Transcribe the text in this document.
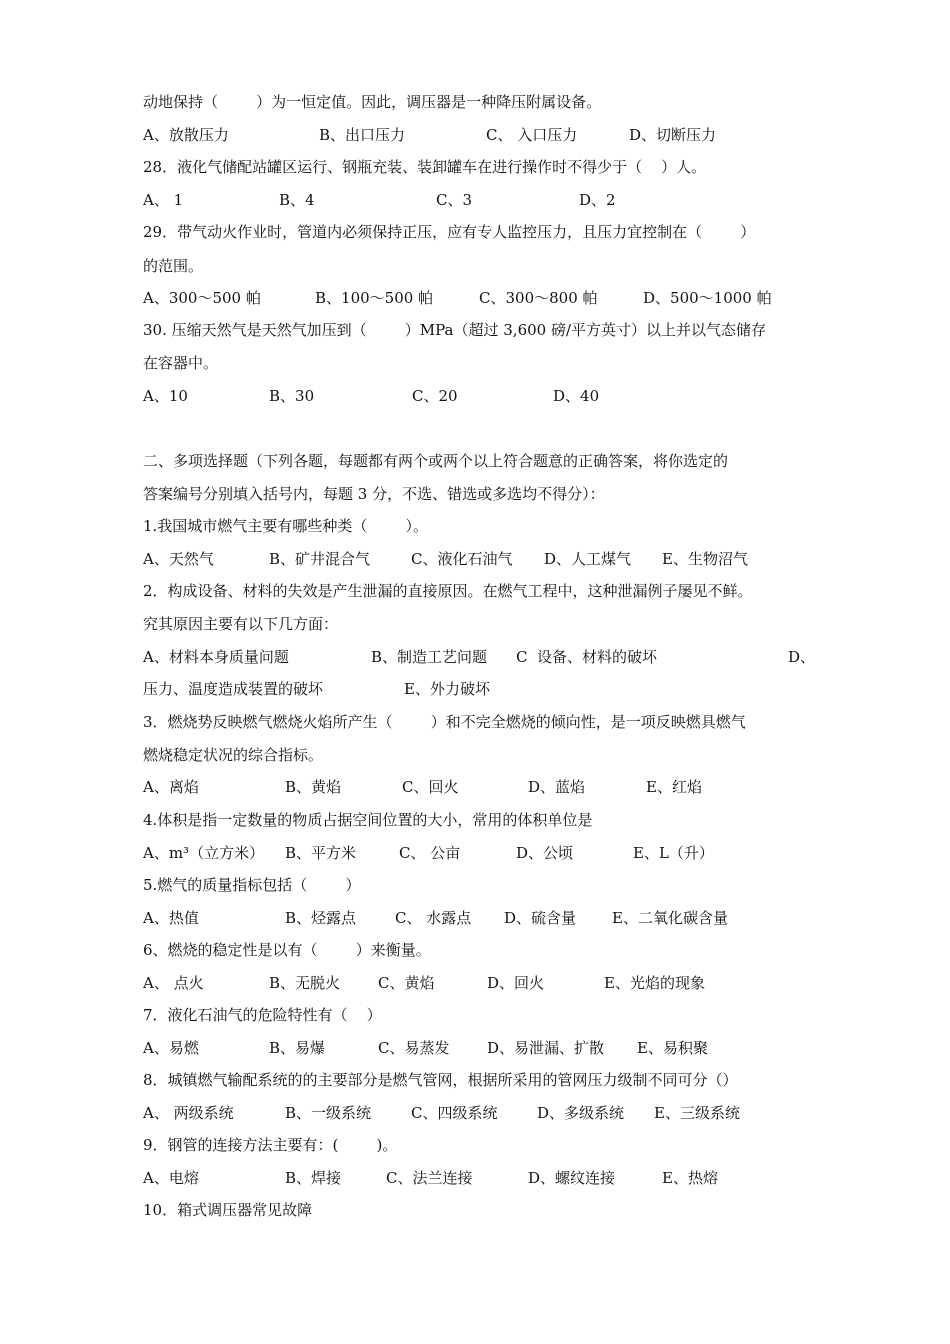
动地保持（        ）为一恒定值。因此，调压器是一种降压附属设备。
A、放散压力	B、出口压力	C、 入口压力	D、切断压力
28．液化气储配站罐区运行、钢瓶充装、装卸罐车在进行操作时不得少于（    ）人。
A、 1	B、4	C、3	D、2
29．带气动火作业时，管道内必须保持正压，应有专人监控压力，且压力宜控制在（        ）
的范围。
A、300～500 帕	B、100～500 帕	C、300～800 帕	D、500～1000 帕
30. 压缩天然气是天然气加压到（        ）MPa（超过 3,600 磅/平方英寸）以上并以气态储存
在容器中。
A、10	B、30	C、20	D、40
二、多项选择题（下列各题，每题都有两个或两个以上符合题意的正确答案，将你选定的
答案编号分别填入括号内，每题 3 分，不选、错选或多选均不得分）：
1.我国城市燃气主要有哪些种类（        ）。
A、天然气	B、矿井混合气	C、液化石油气 D、人工煤气 E、生物沼气
2．构成设备、材料的失效是产生泄漏的直接原因。在燃气工程中，这种泄漏例子屡见不鲜。
究其原因主要有以下几方面：
A、材料本身质量问题	B、制造工艺问题 C  设备、材料的破坏	D、
压力、温度造成装置的破坏	E、外力破坏
3．燃烧势反映燃气燃烧火焰所产生（        ）和不完全燃烧的倾向性，是一项反映燃具燃气
燃烧稳定状况的综合指标。
A、离焰	B、黄焰	C、回火	D、蓝焰	E、红焰
4.体积是指一定数量的物质占据空间位置的大小，常用的体积单位是
A、m³（立方米） B、平方米	C、 公亩	D、公顷	E、L（升）
5.燃气的质量指标包括（        ）
A、热值	B、烃露点	C、 水露点 D、硫含量 E、二氧化碳含量
6、燃烧的稳定性是以有（        ）来衡量。
A、 点火	B、无脱火	C、黄焰	D、回火	E、光焰的现象
7．液化石油气的危险特性有（    ）
A、易燃	B、易爆	C、易蒸发	D、易泄漏、扩散 E、易积聚
8．城镇燃气输配系统的的主要部分是燃气管网，根据所采用的管网压力级制不同可分（）
A、 两级系统	B、一级系统	C、四级系统	D、多级系统 E、三级系统
9．钢管的连接方法主要有：(        )。
A、电熔	B、焊接	C、法兰连接	D、螺纹连接	E、热熔
10．箱式调压器常见故障
